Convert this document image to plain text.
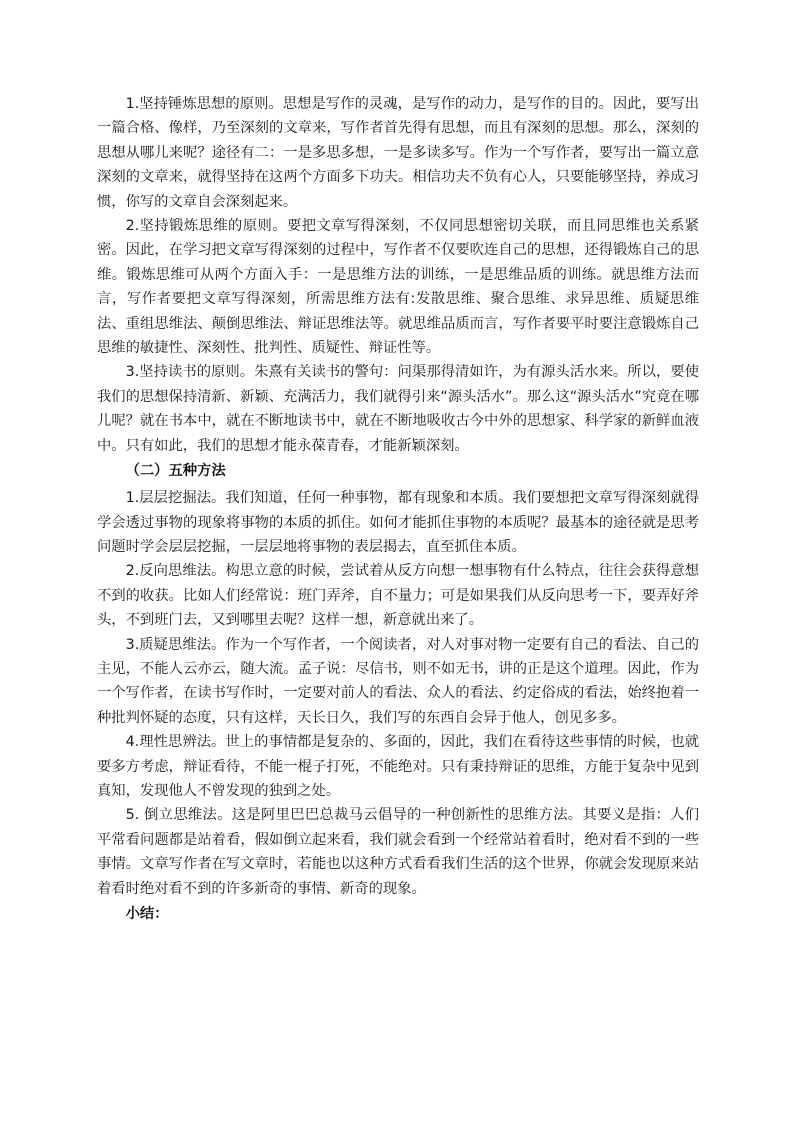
1.坚持锤炼思想的原则。思想是写作的灵魂，是写作的动力，是写作的目的。因此，要写出一篇合格、像样，乃至深刻的文章来，写作者首先得有思想，而且有深刻的思想。那么，深刻的思想从哪儿来呢？途径有二：一是多思多想，一是多读多写。作为一个写作者，要写出一篇立意深刻的文章来，就得坚持在这两个方面多下功夫。相信功夫不负有心人，只要能够坚持，养成习惯，你写的文章自会深刻起来。

2.坚持锻炼思维的原则。要把文章写得深刻，不仅同思想密切关联，而且同思维也关系紧密。因此，在学习把文章写得深刻的过程中，写作者不仅要吹连自己的思想，还得锻炼自己的思维。锻炼思维可从两个方面入手：一是思维方法的训练，一是思维品质的训练。就思维方法而言，写作者要把文章写得深刻，所需思维方法有:发散思维、聚合思维、求异思维、质疑思维法、重组思维法、颠倒思维法、辩证思维法等。就思维品质而言，写作者要平时要注意锻炼自己思维的敏捷性、深刻性、批判性、质疑性、辩证性等。

3.坚持读书的原则。朱熹有关读书的警句：问渠那得清如许，为有源头活水来。所以，要使我们的思想保持清新、新颖、充满活力，我们就得引来“源头活水”。那么这“源头活水”究竟在哪儿呢？就在书本中，就在不断地读书中，就在不断地吸收古今中外的思想家、科学家的新鲜血液中。只有如此，我们的思想才能永葆青春，才能新颖深刻。

（二）五种方法

1.层层挖掘法。我们知道，任何一种事物，都有现象和本质。我们要想把文章写得深刻就得学会透过事物的现象将事物的本质的抓住。如何才能抓住事物的本质呢？最基本的途径就是思考问题时学会层层挖掘，一层层地将事物的表层揭去，直至抓住本质。

2.反向思维法。构思立意的时候，尝试着从反方向想一想事物有什么特点，往往会获得意想不到的收获。比如人们经常说：班门弄斧，自不量力；可是如果我们从反向思考一下，要弄好斧头，不到班门去，又到哪里去呢？这样一想，新意就出来了。

3.质疑思维法。作为一个写作者，一个阅读者，对人对事对物一定要有自己的看法、自己的主见，不能人云亦云，随大流。孟子说：尽信书，则不如无书，讲的正是这个道理。因此，作为一个写作者，在读书写作时，一定要对前人的看法、众人的看法、约定俗成的看法，始终抱着一种批判怀疑的态度，只有这样，天长日久，我们写的东西自会异于他人，创见多多。

4.理性思辨法。世上的事情都是复杂的、多面的，因此，我们在看待这些事情的时候，也就要多方考虑，辩证看待，不能一棍子打死，不能绝对。只有秉持辩证的思维，方能于复杂中见到真知，发现他人不曾发现的独到之处。

5. 倒立思维法。这是阿里巴巴总裁马云倡导的一种创新性的思维方法。其要义是指：人们平常看问题都是站着看，假如倒立起来看，我们就会看到一个经常站着看时，绝对看不到的一些事情。文章写作者在写文章时，若能也以这种方式看看我们生活的这个世界，你就会发现原来站着看时绝对看不到的许多新奇的事情、新奇的现象。

小结：
